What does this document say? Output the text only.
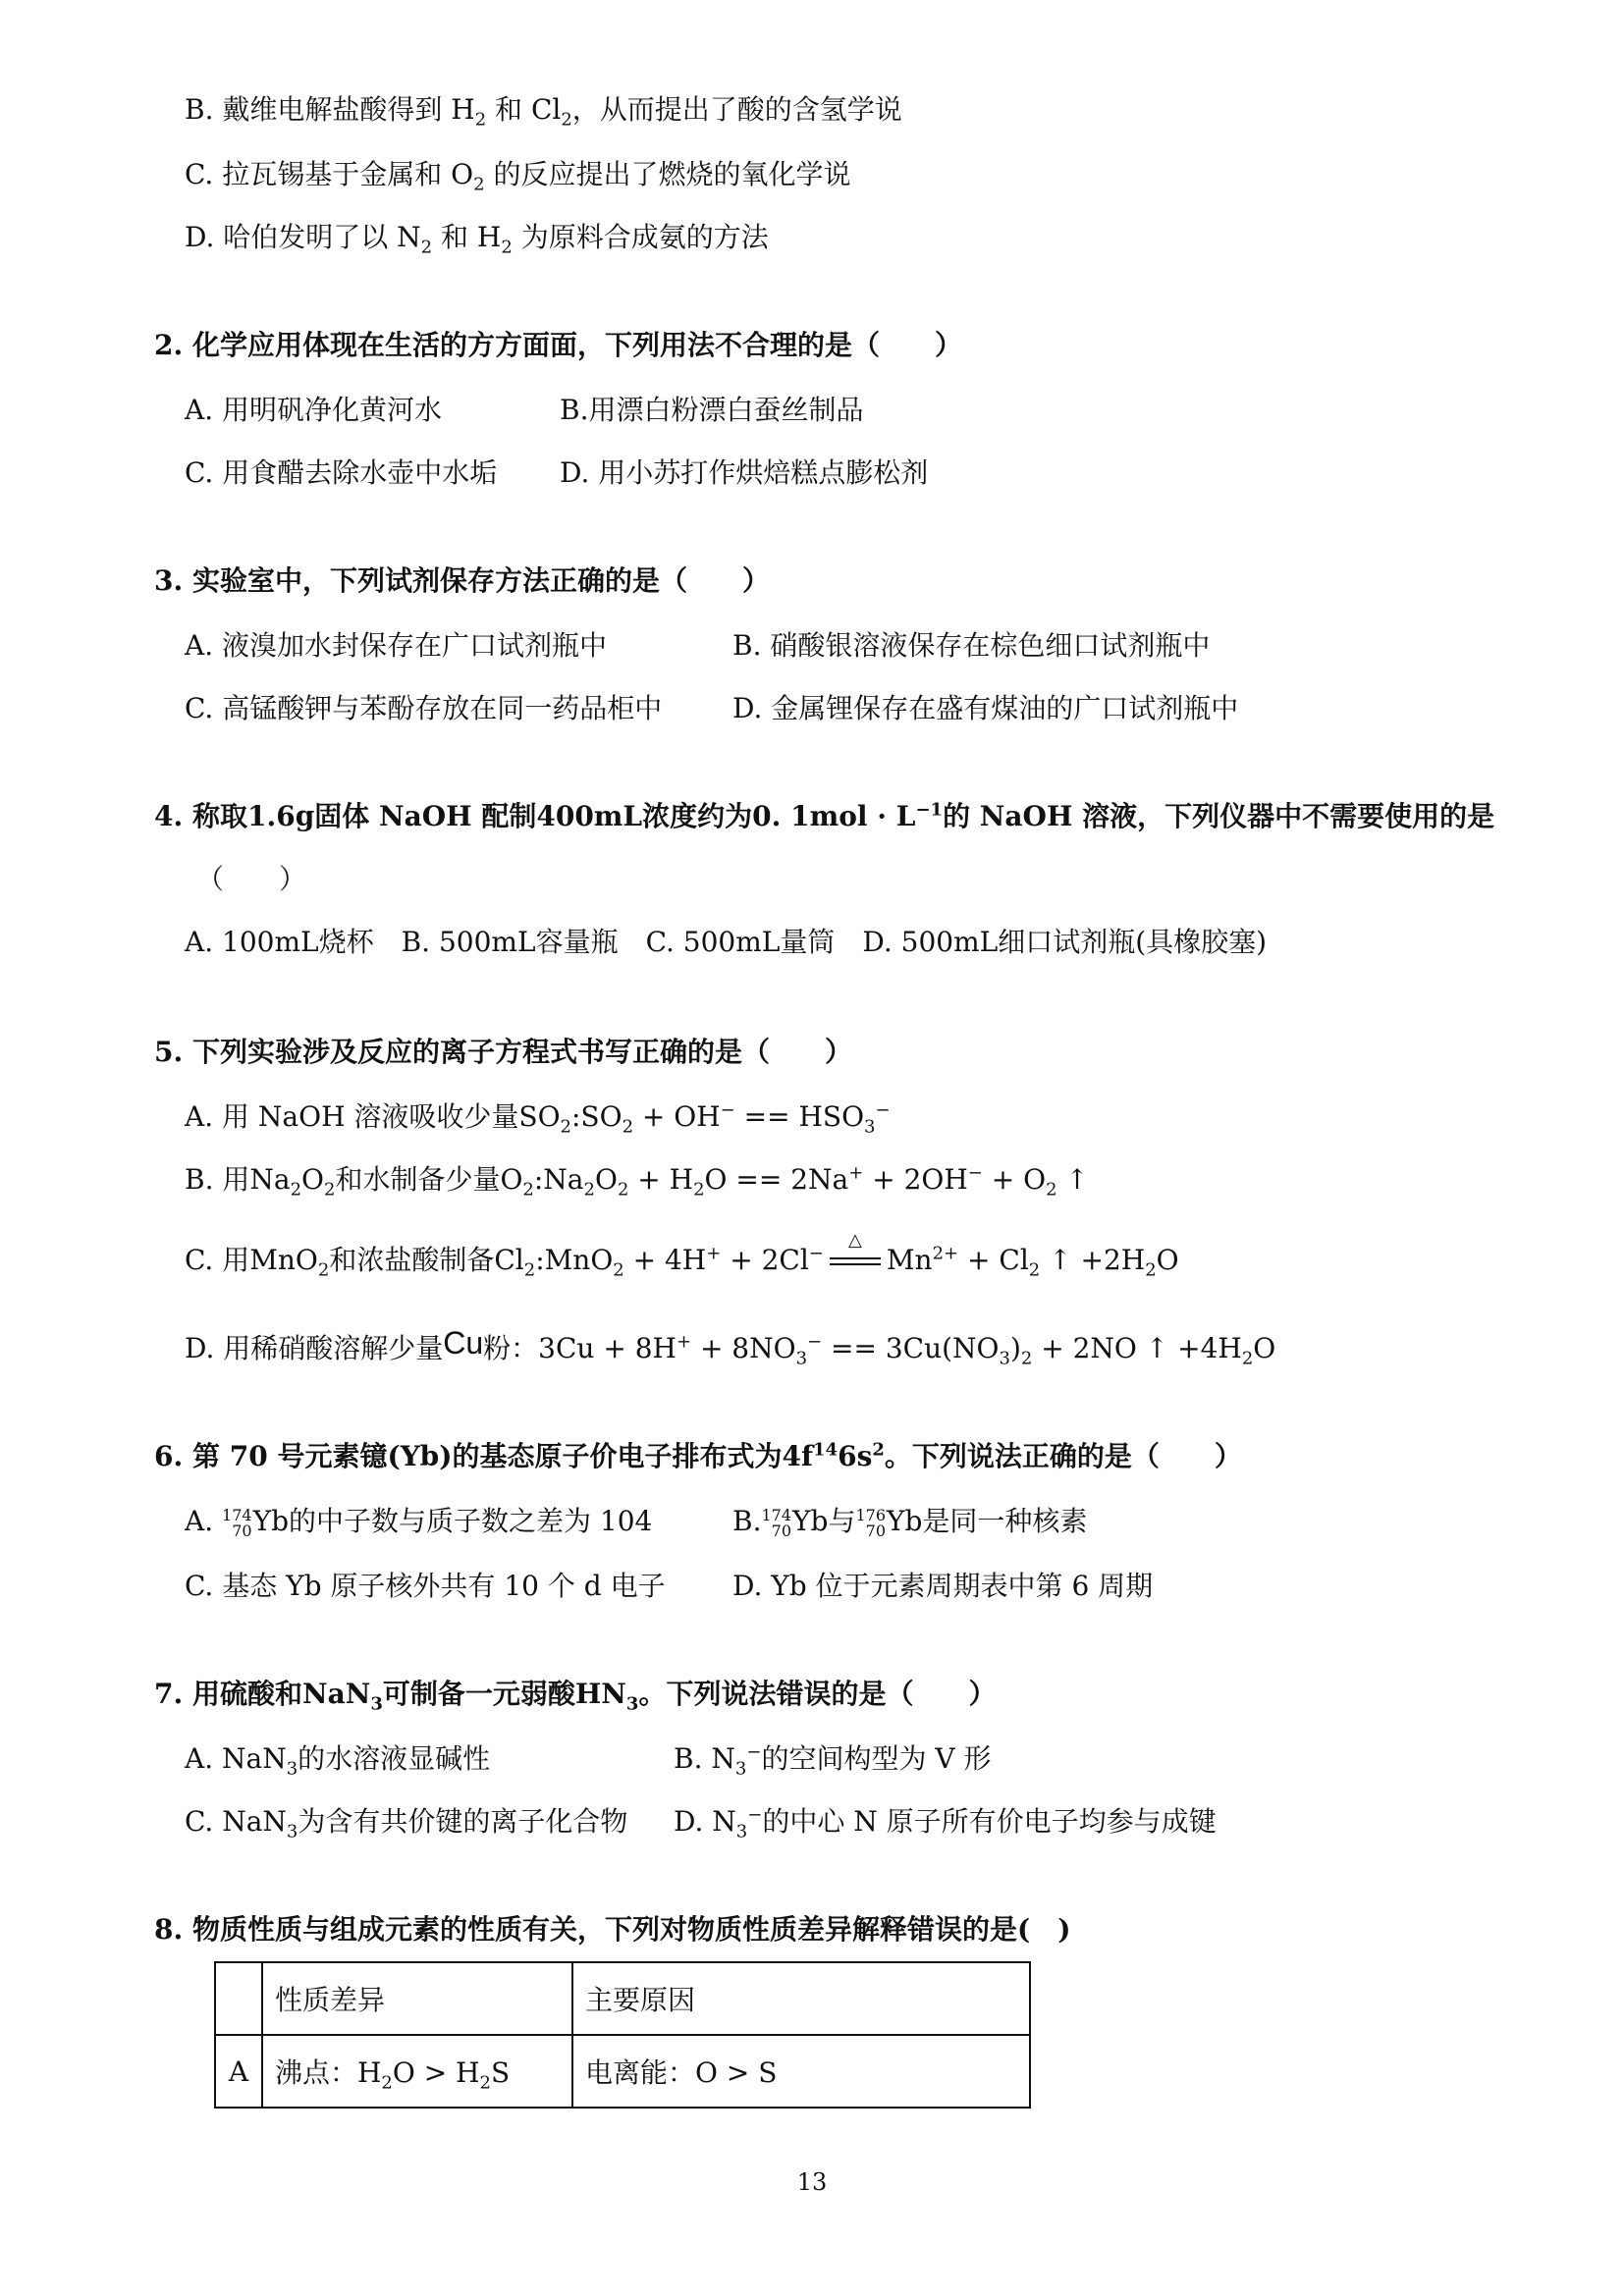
B. 戴维电解盐酸得到 $H_2$ 和 $Cl_2$，从而提出了酸的含氢学说
C. 拉瓦锡基于金属和 $O_2$ 的反应提出了燃烧的氧化学说
D. 哈伯发明了以 $N_2$ 和 $H_2$ 为原料合成氨的方法
2. 化学应用体现在生活的方方面面，下列用法不合理的是（　　）
A. 用明矾净化黄河水	B.用漂白粉漂白蚕丝制品
C. 用食醋去除水壶中水垢 D. 用小苏打作烘焙糕点膨松剂
3. 实验室中，下列试剂保存方法正确的是（　　）
A. 液溴加水封保存在广口试剂瓶中	B. 硝酸银溶液保存在棕色细口试剂瓶中
C. 高锰酸钾与苯酚存放在同一药品柜中	D. 金属锂保存在盛有煤油的广口试剂瓶中
4. 称取1.6g固体 NaOH 配制400mL浓度约为0. $1mol \cdot L^{-1}$的 NaOH 溶液，下列仪器中不需要使用的是
（　　）
A. 100mL烧杯　B. 500mL容量瓶　C. 500mL量筒　D. 500mL细口试剂瓶(具橡胶塞)
5. 下列实验涉及反应的离子方程式书写正确的是（　　）
A. 用 NaOH 溶液吸收少量$SO_2:SO_2 + OH^- == HSO_3^-$
B. 用$Na_2O_2$和水制备少量$O_2:Na_2O_2 + H_2O == 2Na^+ + 2OH^- + O_2$ ↑
C. 用MnO$_2$和浓盐酸制备$Cl_2:MnO_2 + 4H^+ + 2Cl^-$
△
$Mn^{2+} + Cl_2$ ↑ $+2H_2O$
D. 用稀硝酸溶解少量Cu粉：$3Cu + 8H^+ + 8NO_3^- == 3Cu(NO_3)_2 + 2NO$ ↑ $+4H_2O$
6. 第 70 号元素镱(Yb)的基态原子价电子排布式为$4f^{14}6s^2$。下列说法正确的是（　　）
A. 174
70 Yb的中子数与质子数之差为 104	B. 174
70 Yb与 176
70 Yb是同一种核素
C. 基态 Yb 原子核外共有 10 个 d 电子 D. Yb 位于元素周期表中第 6 周期
7. 用硫酸和NaN$_3$可制备一元弱酸$HN_3$。下列说法错误的是（　　）
A. NaN$_3$的水溶液显碱性	B. $N_3^-$的空间构型为 V 形
C. NaN$_3$为含有共价键的离子化合物 D. $N_3^-$的中心 N 原子所有价电子均参与成键
8. 物质性质与组成元素的性质有关，下列对物质性质差异解释错误的是(　)
	性质差异	主要原因
A	沸点：$H_2O > H_2S$	电离能：O > S
13
